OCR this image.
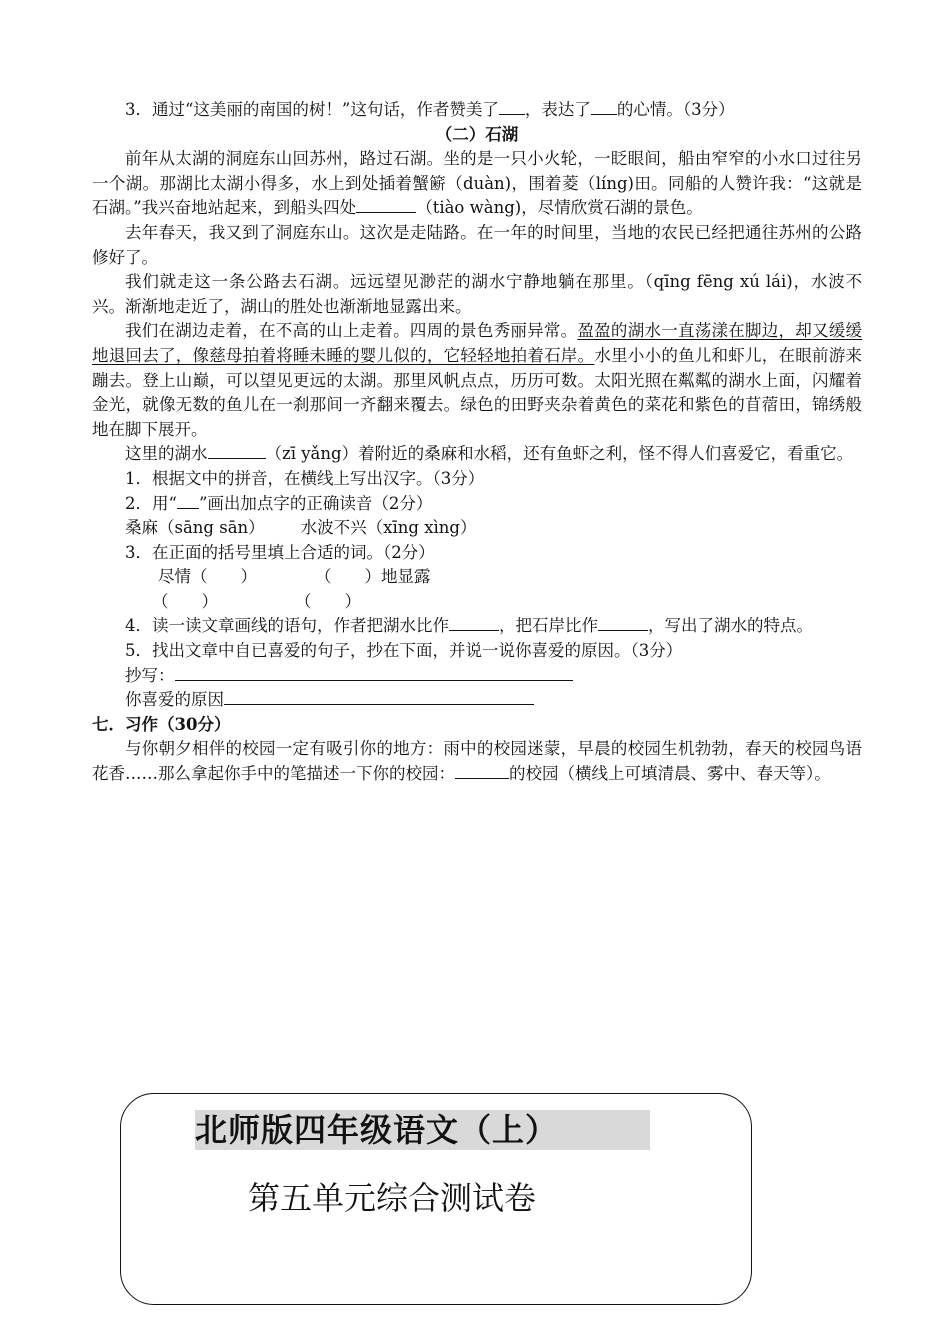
3．通过“这美丽的南国的树！”这句话，作者赞美了 ，表达了 的心情。（3分）

（二）石湖

前年从太湖的洞庭东山回苏州，路过石湖。坐的是一只小火轮，一眨眼间，船由窄窄的小水口过往另一个湖。那湖比太湖小得多，水上到处插着蟹簖（duàn)，围着菱（líng)田。同船的人赞许我：“这就是石湖。”我兴奋地站起来，到船头四处	（tiào wàng)，尽情欣赏石湖的景色。

去年春天，我又到了洞庭东山。这次是走陆路。在一年的时间里，当地的农民已经把通往苏州的公路修好了。

我们就走这一条公路去石湖。远远望见渺茫的湖水宁静地躺在那里。（qīng fēng xú lái)，水波不兴。渐渐地走近了，湖山的胜处也渐渐地显露出来。

我们在湖边走着，在不高的山上走着。四周的景色秀丽异常。盈盈的湖水一直荡漾在脚边，却又缓缓地退回去了，像慈母拍着将睡未睡的婴儿似的，它轻轻地拍着石岸。水里小小的鱼儿和虾儿，在眼前游来蹦去。登上山巅，可以望见更远的太湖。那里风帆点点，历历可数。太阳光照在粼粼的湖水上面，闪耀着金光，就像无数的鱼儿在一刹那间一齐翻来覆去。绿色的田野夹杂着黄色的菜花和紫色的苜蓿田，锦绣般地在脚下展开。

这里的湖水	（zī yǎng）着附近的桑麻和水稻，还有鱼虾之利，怪不得人们喜爱它，看重它。

1．根据文中的拼音，在横线上写出汉字。（3分）

2．用“ ”画出加点字的正确读音（2分）

桑麻（sāng sān） 水波不兴（xīng xìng）

3．在正面的括号里填上合适的词。（2分）

尽情（　　）	（　　）地显露

（　　）	（　　）

4．读一读文章画线的语句，作者把湖水比作	，把石岸比作	，写出了湖水的特点。

5．找出文章中自已喜爱的句子，抄在下面，并说一说你喜爱的原因。（3分）

抄写：

你喜爱的原因

七．习作（30分）

与你朝夕相伴的校园一定有吸引你的地方：雨中的校园迷蒙，早晨的校园生机勃勃，春天的校园鸟语花香……那么拿起你手中的笔描述一下你的校园：	的校园（横线上可填清晨、雾中、春天等）。

北师版四年级语文（上）
第五单元综合测试卷
